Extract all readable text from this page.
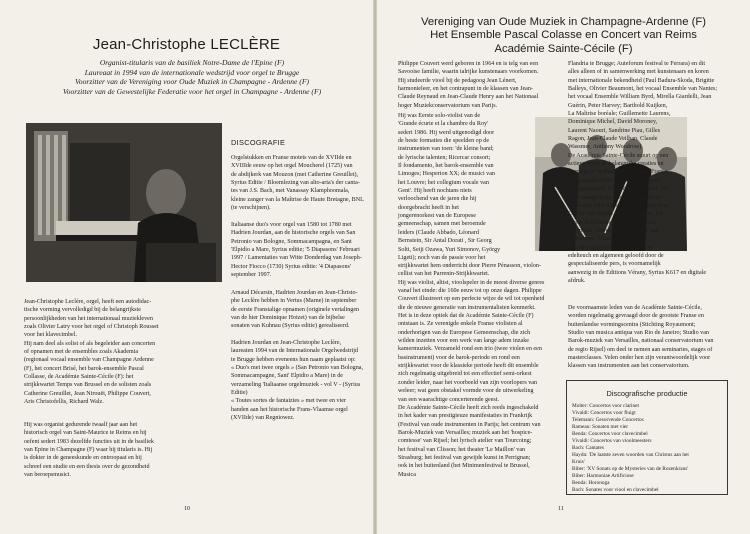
Jean-Christophe LECLÈRE
Organist-titularis van de basiliek Notre-Dame de l'Epine (F)
Laureaat in 1994 van de internationale wedstrijd voor orgel te Brugge
Voorzitter van de Vereniging voor Oude Muziek in Champagne - Ardenne (F)
Voorzitter van de Gewestelijke Federatie voor het orgel in Champagne - Ardenne (F)
Jean-Christophe Leclère, orgel, heeft een autodidac-
tische vorming vervolledigd bij de belangrijkste
persoonlijkheden van het internationaal muziekleven
zoals Olivier Latry voor het orgel of Christoph Rousset
voor het klavecimbel.
Hij nam deel als solist of als begeleider aan concerten
of opnamen met de ensembles zoals Akademia
(regionaal vocaal ensemble van Champagne Ardenne
(F), het concert Brisé, het barok-ensemble Pascal
Collasse, de Académie Sainte-Cécile (F): het
strijkkwartet Temps van Brussel en de solisten zoals
Catherine Greuillet, Jean Nirouët, Philippe Couvert,
Aris Christofellis, Richard Walz.
Hij was organist gedurende twaalf jaar aan het
historisch orgel van Saint-Maurice te Reims en hij
oefent sedert 1983 dezelfde functies uit in de basiliek
van Epine in Champagne (F) waar hij titularis is. Hij
is dokter in de geneeskunde en ontroopaat en hij
schreef een studie en een thesis over de gezondheid
van beroepsmusici.
DISCOGRAFIE
Orgelstukken en Franse motets van de XVIIde en
XVIIIde eeuw op het orgel Moucherel (1725) van
de abdijkerk van Mouzon (met Catherine Greuillet),
Syrius Editie / Bloemlezing van alto-aria's der canta-
tes van J.S. Bach, met Vanassay Klamphoomala,
kleine zanger van la Maîtrise de Haute Bretagne, BNL
(te verschijnen).
Italiaanse duo's voor orgel van 1580 tot 1780 met
Hadrien Jourdan, aan de historische orgels van San
Petronio van Bologne, Sommacampagna, en Sant
'Elpidio a Mare, Syrius editie; '5 Diapasons' Februari
1997 / Lamentaties van Witte Donderdag van Joseph-
Hector Fiocco (1730) Syrius editie: '4 Diapasons'
september 1997.
Arnaud Décarsin, Hadrien Jourdan en Jean-Christo-
phe Leclère hebben in Vertus (Marne) in september
de eerste Franstalige opnamen (originele vertalingen
van de hier Dominique Hoizet) van de bijbelse
sonaten van Kuhnau (Syrius editie) gerealiseerd.
Hadrien Jourdan en Jean-Christophe Leclère,
laureaten 1994 van de Internationale Orgelwedstrijd
te Brugge hebben eveneens hun naam geplaatst op:
« Duo's met twee orgels » (San Petronio van Bologna,
Sommacampagne, Sant' Elpidio a Mare) in de
verzameling 'Italiaanse orgelmuziek - vol V - (Syrius
Editie)
« Toutes sortes de fantaizies » met twee en vier
handen aan het historische Frans-Vlaamse orgel
(XVIIde) van Regniowez.
10
Vereniging van Oude Muziek in Champagne-Ardenne (F)
Het Ensemble Pascal Colasse en Concert van Reims
Académie Sainte-Cécile (F)
Philippe Couvert werd geboren in 1964 en is telg van een
Savooise familie, waarin talrijke kunstenaars voorkomen.
Hij studeerde viool bij de pedagoog Jean Lénert,
harmonieleer, en het contrapunt in de klassen van Jean-
Claude Reynaud en Jean-Claude Henry aan het Nationaal
hoger Muziekconservatorium van Parijs.
Hij was Eerste solo-violist van de
'Grande écurie et la chambre du Roy'
sedert 1986. Hij werd uitgenodigd door
de beste formaties die speelden op de
instrumenten van toen: 'de kleine band;
de lyrische talenten; Ricercar consort;
Il fondamento, het barok-ensemble van
Limoges; Hesperion XX; de musici van
het Louvre; het collegium vocale van
Gent'. Hij heeft nochtans niets
verloochend van de jaren die hij
doorgebracht heeft in het
jongerenorkest van de Europese
gemeenschap, samen met beroemde
leiders (Claude Abbado, Léonard
Bernstein, Sir Antal Dorati , Sir Georg
Solti, Seiji Ozawa, Yuri Simonov, György
Ligeti); noch van de passie voor het
strijkkwartet hem onderricht door Pierre Pénasson, violon-
cellist van het Parrenin-Strijkkwartet.
Hij was violist, altist, vioolspeler in de meest diverse genres
vanaf het einde: die 160e eeuw tot op onze dagen. Philippe
Couvert illustreert op een perfecte wijze de wil tot openheid
die de nieuwe generatie van instrumentalisten kenmerkt.
Het is in deze optiek dat de Académie Sainte-Cécile (F)
ontstaan is. Ze verenigde enkele Franse violisten al
onderhorigen van de Europese Gemeenschap, die zich
wilden inzetten voor een werk van lange adem inzake
kamermuziek. Verzameld rond een trio (twee violen en een
basinstrument) voor de barok-periode en rond een
strijkkwartet voor de klassieke periode heeft dit ensemble
zich regelmatig uitgebreid tot een effectief semi-orkest
zonder leider, naar het voorbeeld van zijn voorlopers van
weleer; wat geen obstakel vormde voor de uitwerkeling
van een waarachtige concerterende geest.
De Académie Sainte-Cécile heeft zich reeds ingeschakeld
in het kader van prestigieuze manifestaties in Frankrijk
(Festival van oude instrumenten in Parijs; het centrum van
Barok-Muziek van Versailles; muziek aan het 'hospice-
comtesse' van Rijsel; het lyrisch atelier van Tourcoing;
het festival van Clisson; het theater 'Le Maillon' van
Strasburg; het festival van gewijde kunst in Perrignan;
ook in het buitenland (het Minimenfestival te Brussel,
Musica
Flandria te Brugge; Auteforum festival te Ferrara) en dit
alles alleen of in samenwerking met kunstenaars en koren
met internationale bekendheid (Paul Badura-Skoda, Brigitte
Balleys, Olivier Beaumont, het vocaal Ensemble van Nantes;
het vocaal Ensemble William Byrd, Mirella Giardelli, Jean
Guérin, Peter Harvey; Barthold Kuijken,
La Maîtrise boréale; Guillemette Laurens,
Dominique Michel, David Moroney,
Laurent Naouri, Sandrine Piau, Gilles
Ragon, Jean-Claude Veilhan, Claude
Wassmer, Anthony Woodrow).
De Académie Sainte-Cécile stuurt op een
actieve wijze de belangrijke creaties en
verzorgt de opdrachten van jonge Franse
componisten (Olivier Beiner, Jacques
Derégnancourt, Dominique Vassour). Zij
heeft meegewerkt aan choreografische
realisaties (Die Sieben LeidenWorte Jesu
Christi van Haydn / Bastin, Boivin, De
Groat, Kelemenis, Larrieu, Raffinot,
Tompkins, Verret, Pierrot lunaire van
Schönberg / Faust).
Zijn discografische productie, zeer
edelteuch en algemeen geloofd door de
gespecialiseerde pers, is voornamelijk
aanwezig in de Editions Vérany, Syrius K617 en digitale
afdruk.
De voornaamste leden van de Académie Sainte-Cécile,
worden regelmatig gevraagd door de grootste Franse en
buitenlandse vormingscentra (Stichting Royaumont;
Studio van musica antiqua van Rio de Janeiro; Studio van
Barok-muziek van Versailles, nationaal conservatorium van
de regio Rijsel) om deel te nemen aan seminaries, stages of
masterclasses. Velen onder hen zijn verantwoordelijk voor
klassen van instrumenten aan het conservatorium.
Discografische productie
Molter: Concertos voor clarinet
Vivaldi: Concertos voor fluigt
Telemann: Gesorvende Concertos
Rameau: Sonaten met vier
Benda: Concertos voor clavecimbel
Vivaldi: Concertos van vioolmeesters
Bach: Cantates
Haydn: 'De laatste zeven woorden van Christus aan het
Kruis'
Biber: 'XV Sonats op de Mysteries van de Rozenkrans'
Biber: Harmoniae Artificiose
Benda: Horonoga
Bach: Sonates voor viool en clavecimbel
11
